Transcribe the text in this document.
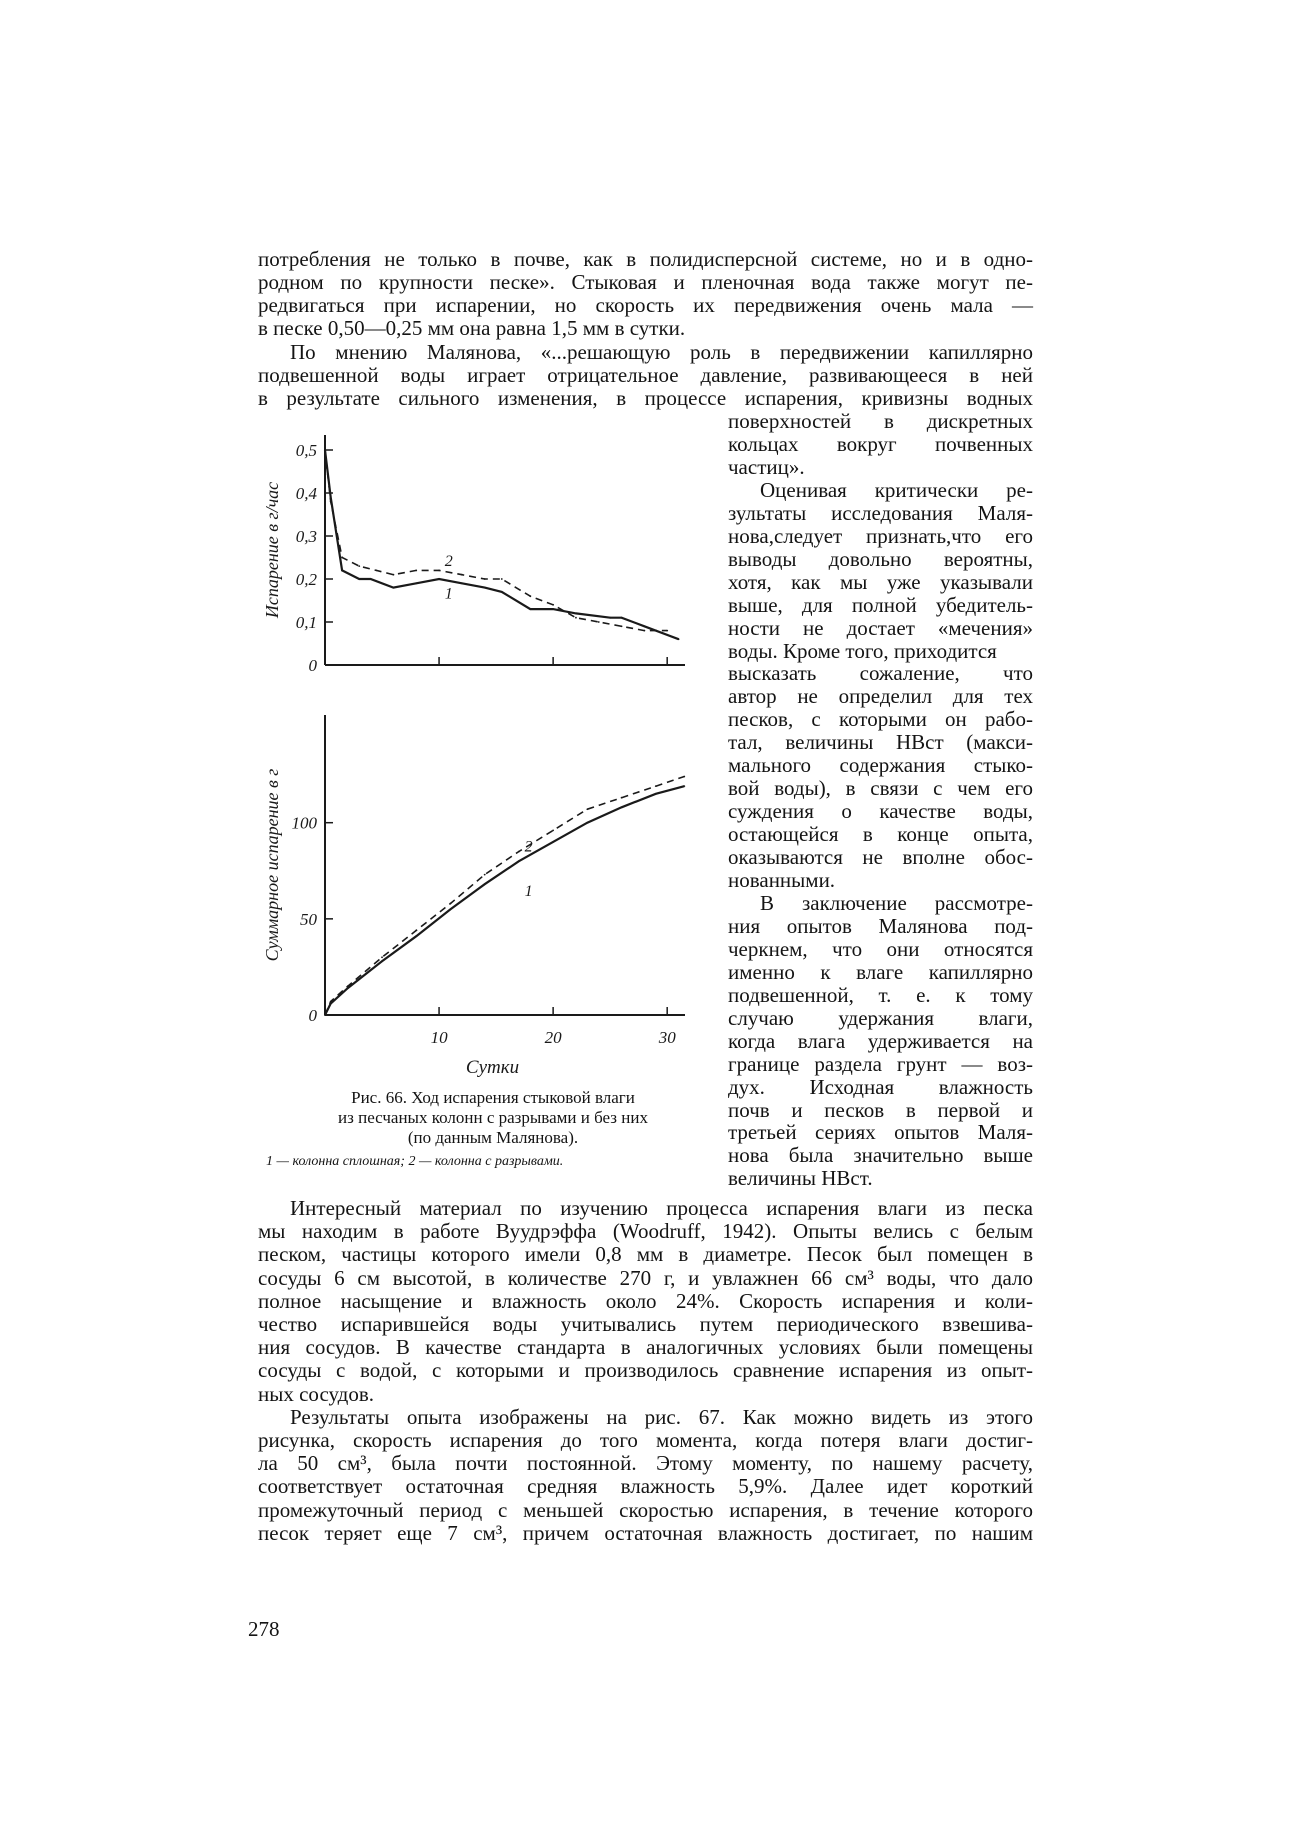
потребления не только в почве, как в полидисперсной системе, но и в одно-
родном по крупности песке». Стыковая и пленочная вода также могут пе-
редвигаться при испарении, но скорость их передвижения очень мала —
в песке 0,50—0,25 мм она равна 1,5 мм в сутки.
По мнению Малянова, «...решающую роль в передвижении капиллярно
подвешенной воды играет отрицательное давление, развивающееся в ней
в результате сильного изменения, в процессе испарения, кривизны водных
поверхностей в дискретных
кольцах вокруг почвенных
частиц».
Оценивая критически ре-
зультаты исследования Маля-
нова,следует признать,что его
выводы довольно вероятны,
хотя, как мы уже указывали
выше, для полной убедитель-
ности не достает «мечения»
воды. Кроме того, приходится
высказать сожаление, что
автор не определил для тех
песков, с которыми он рабо-
тал, величины НВст (макси-
мального содержания стыко-
вой воды), в связи с чем его
суждения о качестве воды,
остающейся в конце опыта,
оказываются не вполне обос-
нованными.
В заключение рассмотре-
ния опытов Малянова под-
черкнем, что они относятся
именно к влаге капиллярно
подвешенной, т. е. к тому
случаю удержания влаги,
когда влага удерживается на
границе раздела грунт — воз-
дух. Исходная влажность
почв и песков в первой и
третьей сериях опытов Маля-
нова была значительно выше
величины НВст.
0
0,1
0,2
0,3
0,4
0,5
Испарение в г/час	1
2
0
50
100
10	20	30
Суммарное испарение в г
Сутки
1
2
Рис. 66. Ход испарения стыковой влаги
из песчаных колонн с разрывами и без них
(по данным Малянова).
1 — колонна сплошная; 2 — колонна с разрывами.
Интересный материал по изучению процесса испарения влаги из песка
мы находим в работе Вуудрэффа (Woodruff, 1942). Опыты велись с белым
песком, частицы которого имели 0,8 мм в диаметре. Песок был помещен в
сосуды 6 см высотой, в количестве 270 г, и увлажнен 66 см³ воды, что дало
полное насыщение и влажность около 24%. Скорость испарения и коли-
чество испарившейся воды учитывались путем периодического взвешива-
ния сосудов. В качестве стандарта в аналогичных условиях были помещены
сосуды с водой, с которыми и производилось сравнение испарения из опыт-
ных сосудов.
Результаты опыта изображены на рис. 67. Как можно видеть из этого
рисунка, скорость испарения до того момента, когда потеря влаги достиг-
ла 50 см³, была почти постоянной. Этому моменту, по нашему расчету,
соответствует остаточная средняя влажность 5,9%. Далее идет короткий
промежуточный период с меньшей скоростью испарения, в течение которого
песок теряет еще 7 см³, причем остаточная влажность достигает, по нашим
278
